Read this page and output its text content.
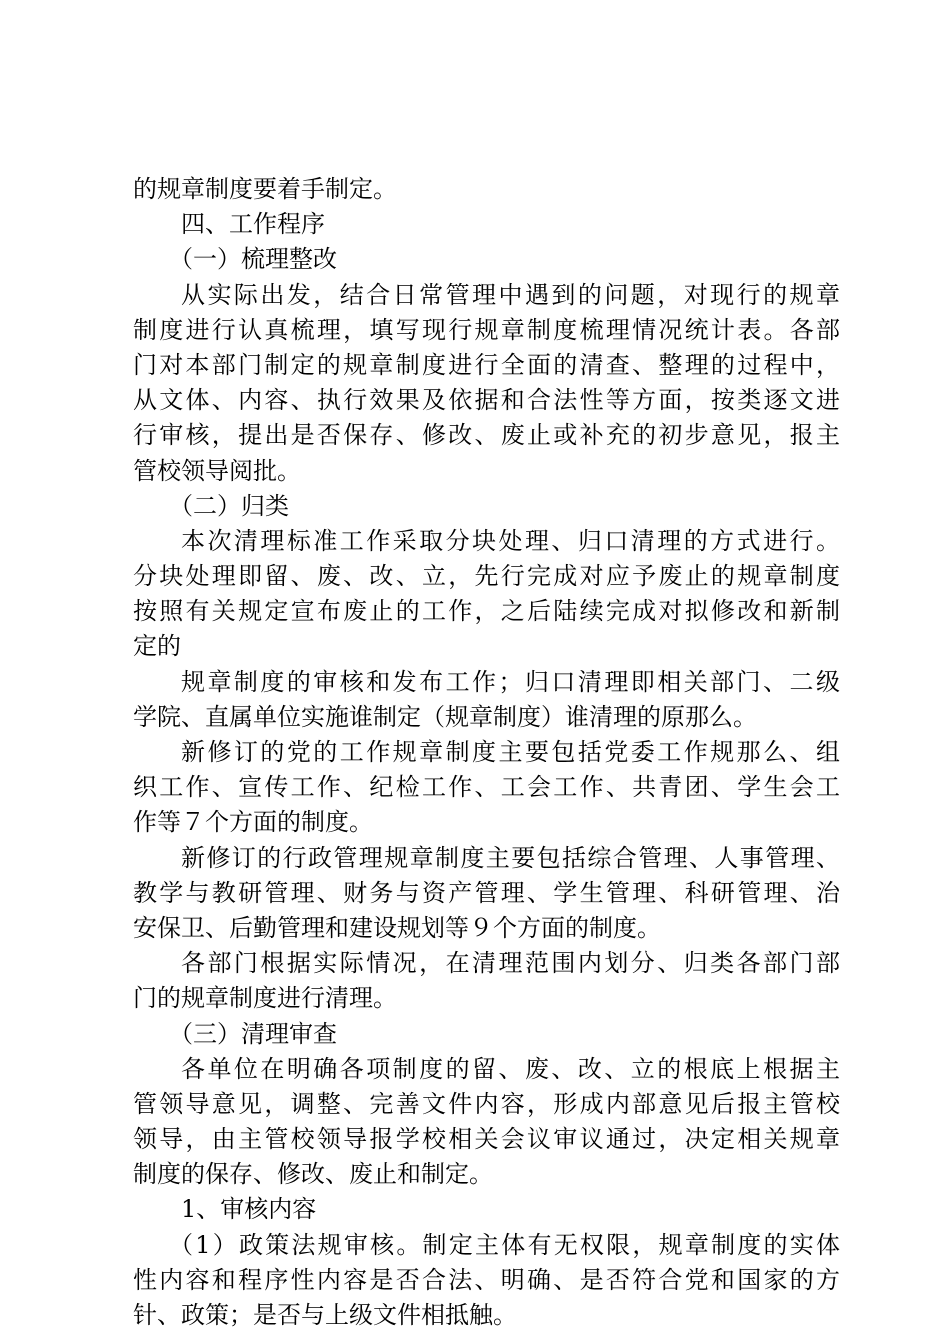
的规章制度要着手制定。

四、工作程序

（一）梳理整改

从实际出发，结合日常管理中遇到的问题，对现行的规章

制度进行认真梳理，填写现行规章制度梳理情况统计表。各部

门对本部门制定的规章制度进行全面的清查、整理的过程中，

从文体、内容、执行效果及依据和合法性等方面，按类逐文进

行审核，提出是否保存、修改、废止或补充的初步意见，报主

管校领导阅批。

（二）归类

本次清理标准工作采取分块处理、归口清理的方式进行。

分块处理即留、废、改、立，先行完成对应予废止的规章制度

按照有关规定宣布废止的工作，之后陆续完成对拟修改和新制

定的

规章制度的审核和发布工作；归口清理即相关部门、二级

学院、直属单位实施谁制定（规章制度）谁清理的原那么。

新修订的党的工作规章制度主要包括党委工作规那么、组

织工作、宣传工作、纪检工作、工会工作、共青团、学生会工

作等７个方面的制度。

新修订的行政管理规章制度主要包括综合管理、人事管理、

教学与教研管理、财务与资产管理、学生管理、科研管理、治

安保卫、后勤管理和建设规划等９个方面的制度。

各部门根据实际情况，在清理范围内划分、归类各部门部

门的规章制度进行清理。

（三）清理审查

各单位在明确各项制度的留、废、改、立的根底上根据主

管领导意见，调整、完善文件内容，形成内部意见后报主管校

领导，由主管校领导报学校相关会议审议通过，决定相关规章

制度的保存、修改、废止和制定。

1、审核内容

（1）政策法规审核。制定主体有无权限，规章制度的实体

性内容和程序性内容是否合法、明确、是否符合党和国家的方

针、政策；是否与上级文件相抵触。
